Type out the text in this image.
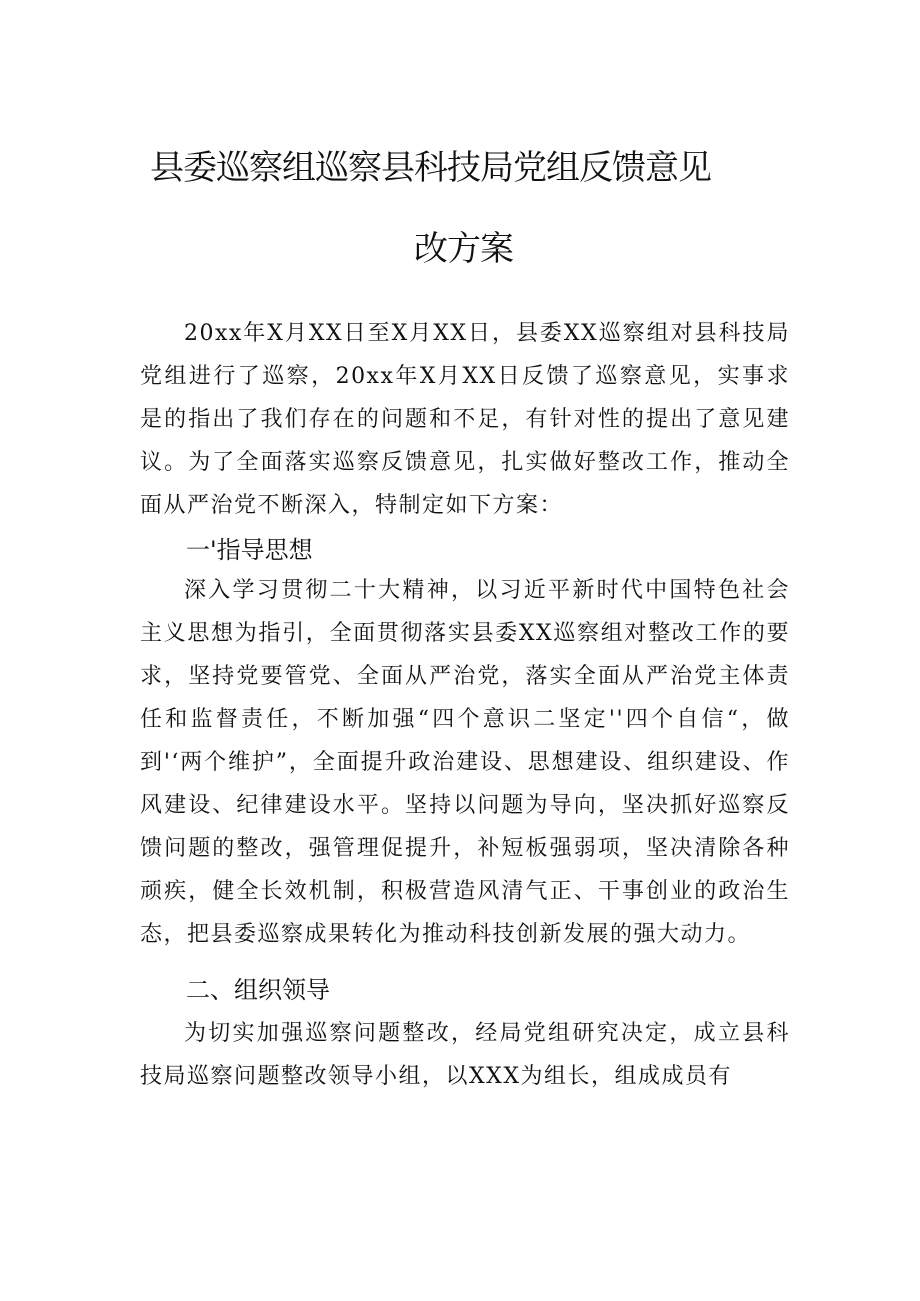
县委巡察组巡察县科技局党组反馈意见
改方案

20xx年X月XX日至X月XX日，县委XX巡察组对县科技局党组进行了巡察，20xx年X月XX日反馈了巡察意见，实事求是的指出了我们存在的问题和不足，有针对性的提出了意见建议。为了全面落实巡察反馈意见，扎实做好整改工作，推动全面从严治党不断深入，特制定如下方案：

一'指导思想

深入学习贯彻二十大精神，以习近平新时代中国特色社会主义思想为指引，全面贯彻落实县委XX巡察组对整改工作的要求，坚持党要管党、全面从严治党，落实全面从严治党主体责任和监督责任，不断加强“四个意识二坚定''四个自信“，做到'‘两个维护”，全面提升政治建设、思想建设、组织建设、作风建设、纪律建设水平。坚持以问题为导向，坚决抓好巡察反馈问题的整改，强管理促提升，补短板强弱项，坚决清除各种顽疾，健全长效机制，积极营造风清气正、干事创业的政治生态，把县委巡察成果转化为推动科技创新发展的强大动力。

二、组织领导

为切实加强巡察问题整改，经局党组研究决定，成立县科技局巡察问题整改领导小组，以XXX为组长，组成成员有
